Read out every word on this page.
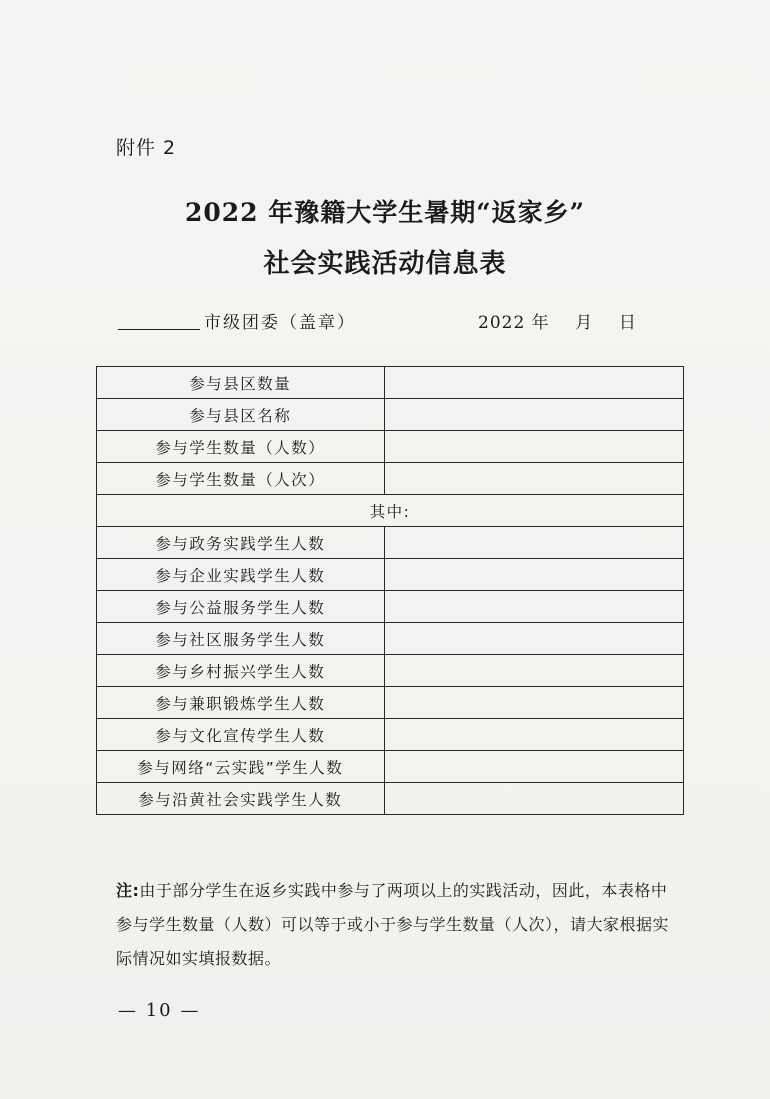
附件 2
2022 年豫籍大学生暑期“返家乡”
社会实践活动信息表
市级团委（盖章）	2022 年    月    日
参与县区数量	
参与县区名称	
参与学生数量（人数）	
参与学生数量（人次）	
其中:	
参与政务实践学生人数	
参与企业实践学生人数	
参与公益服务学生人数	
参与社区服务学生人数	
参与乡村振兴学生人数	
参与兼职锻炼学生人数	
参与文化宣传学生人数	
参与网络“云实践”学生人数	
参与沿黄社会实践学生人数	
注:由于部分学生在返乡实践中参与了两项以上的实践活动，因此，本表格中参与学生数量（人数）可以等于或小于参与学生数量（人次），请大家根据实际情况如实填报数据。
— 10 —
